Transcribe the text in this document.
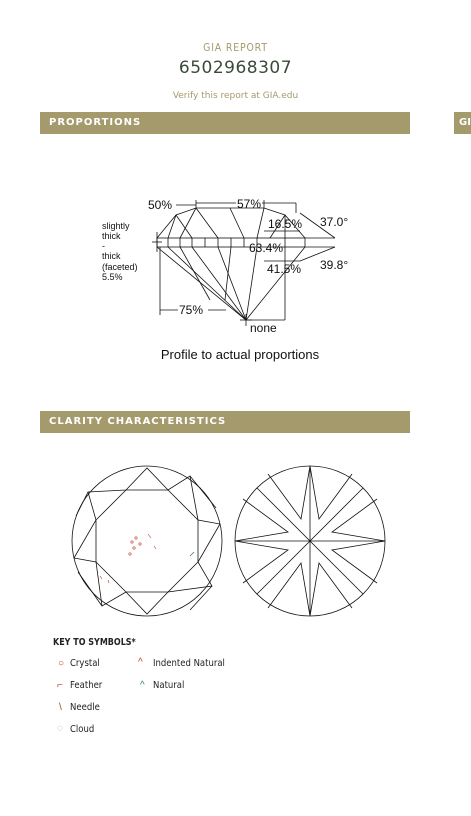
GIA REPORT
6502968307
Verify this report at GIA.edu
PROPORTIONS	GI
50%	57%
16.5% 37.0°
63.4%
41.5% 39.8°
75%
none
slightly
thick
-
thick
(faceted)
5.5%
Profile to actual proportions
CLARITY CHARACTERISTICS
KEY TO SYMBOLS*
○ Crystal	^ Indented Natural
⌐ Feather	^ Natural
\ Needle
◌ Cloud
